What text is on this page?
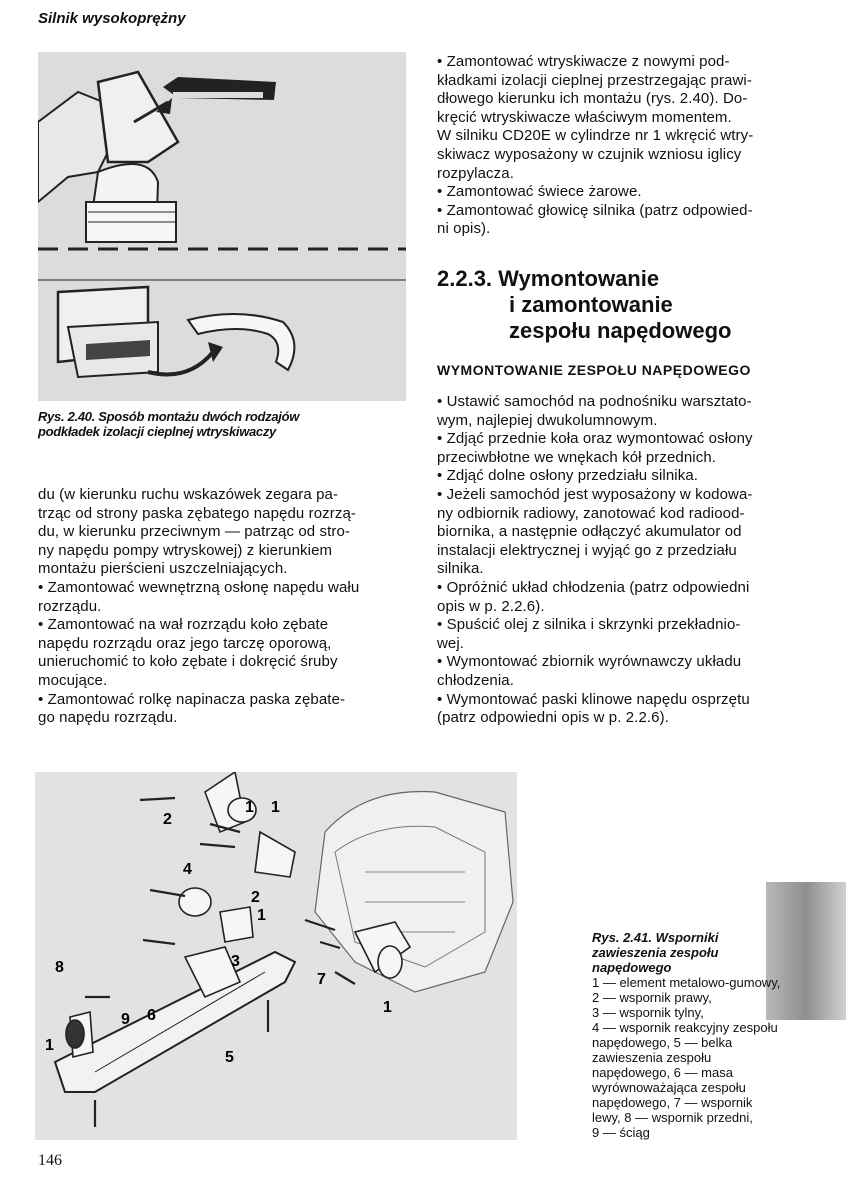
Silnik wysokoprężny
Rys. 2.40. Sposób montażu dwóch rodzajów
podkładek izolacji cieplnej wtryskiwaczy

du (w kierunku ruchu wskazówek zegara pa-

trząc od strony paska zębatego napędu rozrzą-

du, w kierunku przeciwnym — patrząc od stro-

ny napędu pompy wtryskowej) z kierunkiem

montażu pierścieni uszczelniających.

• Zamontować wewnętrzną osłonę napędu wału

rozrządu.

• Zamontować na wał rozrządu koło zębate

napędu rozrządu oraz jego tarczę oporową,

unieruchomić to koło zębate i dokręcić śruby

mocujące.

• Zamontować rolkę napinacza paska zębate-

go napędu rozrządu.

• Zamontować wtryskiwacze z nowymi pod-

kładkami izolacji cieplnej przestrzegając prawi-

dłowego kierunku ich montażu (rys. 2.40). Do-

kręcić wtryskiwacze właściwym momentem.

W silniku CD20E w cylindrze nr 1 wkręcić wtry-

skiwacz wyposażony w czujnik wzniosu iglicy

rozpylacza.

• Zamontować świece żarowe.

• Zamontować głowicę silnika (patrz odpowied-

ni opis).

2.2.3. Wymontowanie
i zamontowanie
zespołu napędowego
WYMONTOWANIE ZESPOŁU NAPĘDOWEGO

• Ustawić samochód na podnośniku warsztato-

wym, najlepiej dwukolumnowym.

• Zdjąć przednie koła oraz wymontować osłony

przeciwbłotne we wnękach kół przednich.

• Zdjąć dolne osłony przedziału silnika.

• Jeżeli samochód jest wyposażony w kodowa-

ny odbiornik radiowy, zanotować kod radiood-

biornika, a następnie odłączyć akumulator od

instalacji elektrycznej i wyjąć go z przedziału

silnika.

• Opróżnić układ chłodzenia (patrz odpowiedni

opis w p. 2.2.6).

• Spuścić olej z silnika i skrzynki przekładnio-

wej.

• Wymontować zbiornik wyrównawczy układu

chłodzenia.

• Wymontować paski klinowe napędu osprzętu

(patrz odpowiedni opis w p. 2.2.6).

1
2
1
4
2
1
3
7
8
9 6
1
5
1

Rys. 2.41. Wsporniki

zawieszenia zespołu

napędowego

1 — element metalowo-gumowy,

2 — wspornik prawy,

3 — wspornik tylny,

4 — wspornik reakcyjny zespołu

napędowego, 5 — belka

zawieszenia zespołu

napędowego, 6 — masa

wyrównoważająca zespołu

napędowego, 7 — wspornik

lewy, 8 — wspornik przedni,

9 — ściąg

146
